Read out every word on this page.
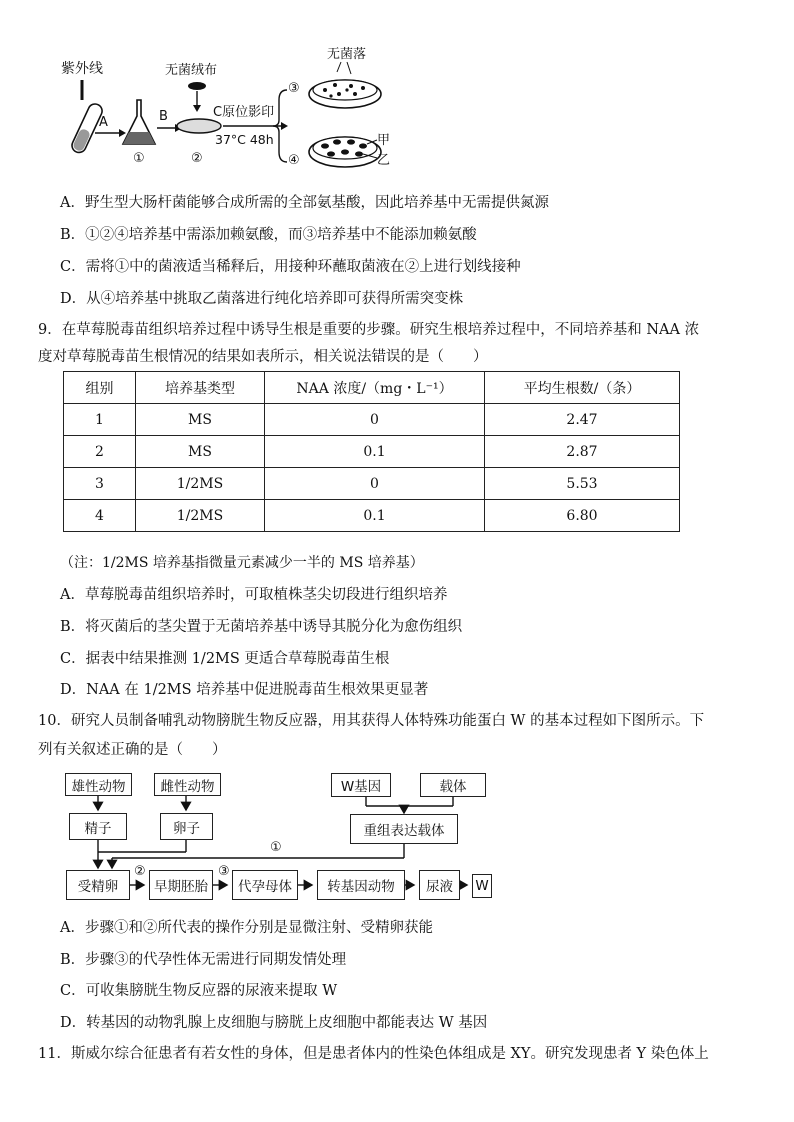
紫外线
A
①
B
无菌绒布
②
C原位影印
37°C 48h
③
无菌落
④
甲
乙
A．野生型大肠杆菌能够合成所需的全部氨基酸，因此培养基中无需提供氮源
B．①②④培养基中需添加赖氨酸，而③培养基中不能添加赖氨酸
C．需将①中的菌液适当稀释后，用接种环蘸取菌液在②上进行划线接种
D．从④培养基中挑取乙菌落进行纯化培养即可获得所需突变株
9．在草莓脱毒苗组织培养过程中诱导生根是重要的步骤。研究生根培养过程中，不同培养基和 NAA 浓
度对草莓脱毒苗生根情况的结果如表所示，相关说法错误的是（　　）
组别	培养基类型	NAA 浓度/（mg・L⁻¹）	平均生根数/（条）
1	MS	0	2.47
2	MS	0.1	2.87
3	1/2MS	0	5.53
4	1/2MS	0.1	6.80
（注：1/2MS 培养基指微量元素减少一半的 MS 培养基）
A．草莓脱毒苗组织培养时，可取植株茎尖切段进行组织培养
B．将灭菌后的茎尖置于无菌培养基中诱导其脱分化为愈伤组织
C．据表中结果推测 1/2MS 更适合草莓脱毒苗生根
D．NAA 在 1/2MS 培养基中促进脱毒苗生根效果更显著
10．研究人员制备哺乳动物膀胱生物反应器，用其获得人体特殊功能蛋白 W 的基本过程如下图所示。下
列有关叙述正确的是（　　）
①
②	③
雄性动物	雌性动物
精子	卵子
W基因	载体
重组表达载体
受精卵	早期胚胎	代孕母体	转基因动物	尿液	W
A．步骤①和②所代表的操作分别是显微注射、受精卵获能
B．步骤③的代孕性体无需进行同期发情处理
C．可收集膀胱生物反应器的尿液来提取 W
D．转基因的动物乳腺上皮细胞与膀胱上皮细胞中都能表达 W 基因
11．斯威尔综合征患者有若女性的身体，但是患者体内的性染色体组成是 XY。研究发现患者 Y 染色体上
